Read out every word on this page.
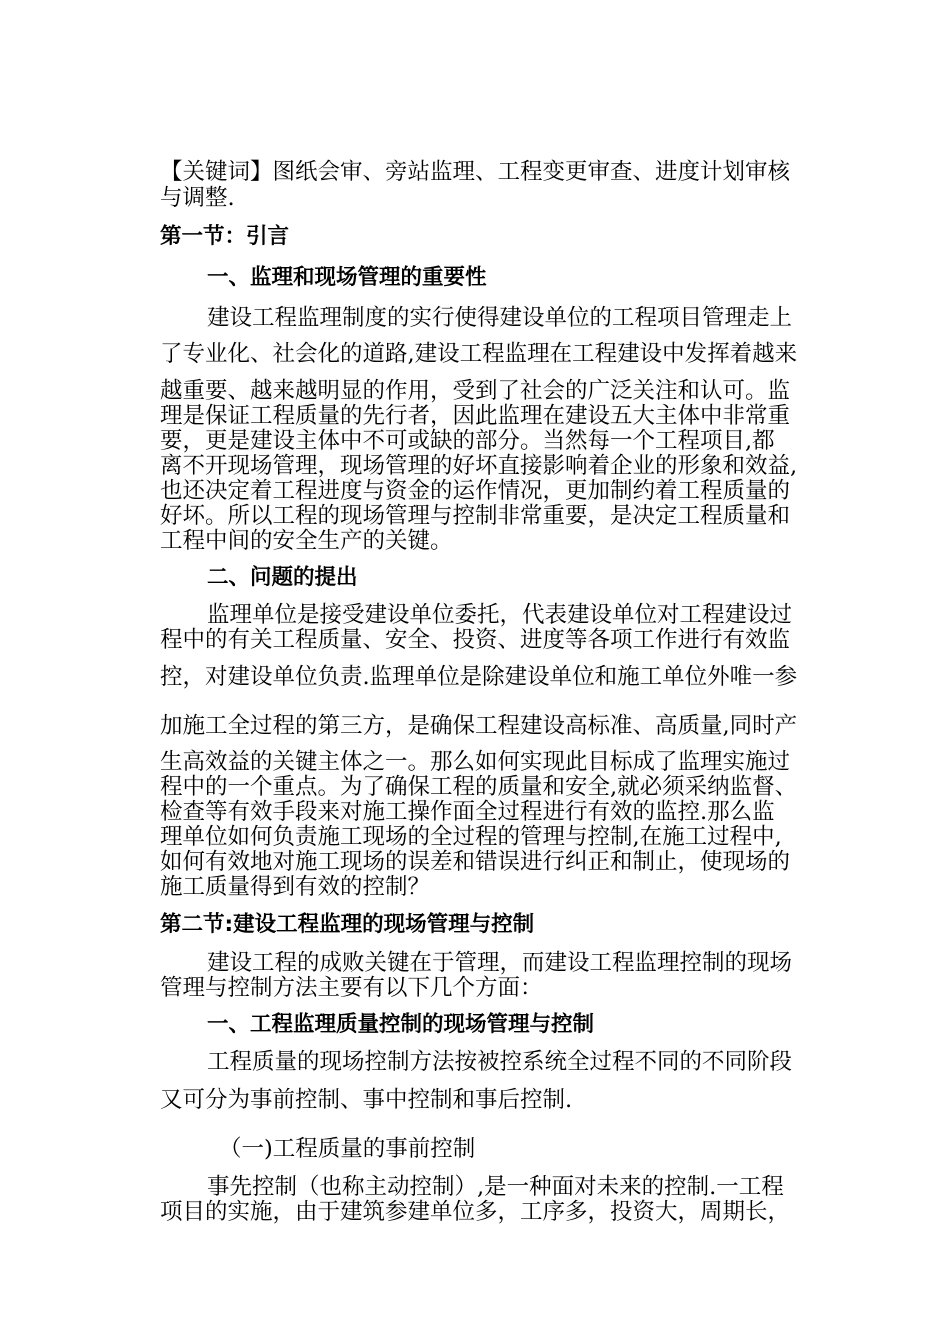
【关键词】图纸会审、旁站监理、工程变更审查、进度计划审核
与调整.
第一节：引言
一、监理和现场管理的重要性
建设工程监理制度的实行使得建设单位的工程项目管理走上
了专业化、社会化的道路,建设工程监理在工程建设中发挥着越来
越重要、越来越明显的作用，受到了社会的广泛关注和认可。监
理是保证工程质量的先行者，因此监理在建设五大主体中非常重
要，更是建设主体中不可或缺的部分。当然每一个工程项目,都
离不开现场管理，现场管理的好坏直接影响着企业的形象和效益,
也还决定着工程进度与资金的运作情况，更加制约着工程质量的
好坏。所以工程的现场管理与控制非常重要，是决定工程质量和
工程中间的安全生产的关键。
二、问题的提出
监理单位是接受建设单位委托，代表建设单位对工程建设过
程中的有关工程质量、安全、投资、进度等各项工作进行有效监
控，对建设单位负责.监理单位是除建设单位和施工单位外唯一参
加施工全过程的第三方，是确保工程建设高标准、高质量,同时产
生高效益的关键主体之一。那么如何实现此目标成了监理实施过
程中的一个重点。为了确保工程的质量和安全,就必须采纳监督、
检查等有效手段来对施工操作面全过程进行有效的监控.那么监
理单位如何负责施工现场的全过程的管理与控制,在施工过程中,
如何有效地对施工现场的误差和错误进行纠正和制止，使现场的
施工质量得到有效的控制？
第二节:建设工程监理的现场管理与控制
建设工程的成败关键在于管理，而建设工程监理控制的现场
管理与控制方法主要有以下几个方面：
一、工程监理质量控制的现场管理与控制
工程质量的现场控制方法按被控系统全过程不同的不同阶段
又可分为事前控制、事中控制和事后控制.
（一)工程质量的事前控制
事先控制（也称主动控制）,是一种面对未来的控制.一工程
项目的实施，由于建筑参建单位多，工序多，投资大，周期长，
